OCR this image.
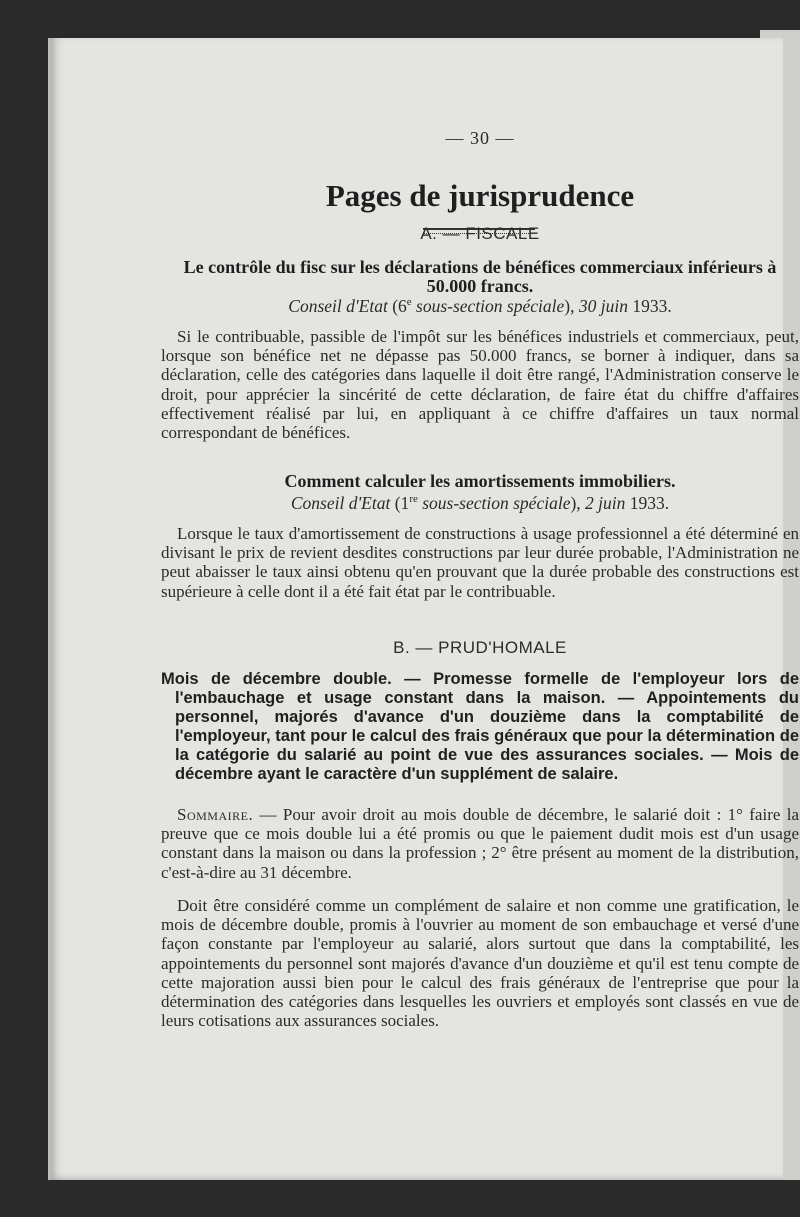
— 30 —
Pages de jurisprudence
A. — FISCALE
Le contrôle du fisc sur les déclarations de bénéfices commerciaux inférieurs à 50.000 francs.
Conseil d'Etat (6e sous-section spéciale), 30 juin 1933.
Si le contribuable, passible de l'impôt sur les bénéfices industriels et commerciaux, peut, lorsque son bénéfice net ne dépasse pas 50.000 francs, se borner à indiquer, dans sa déclaration, celle des catégories dans laquelle il doit être rangé, l'Administration conserve le droit, pour apprécier la sincérité de cette déclaration, de faire état du chiffre d'affaires effectivement réalisé par lui, en appliquant à ce chiffre d'affaires un taux normal correspondant de bénéfices.
Comment calculer les amortissements immobiliers.
Conseil d'Etat (1re sous-section spéciale), 2 juin 1933.
Lorsque le taux d'amortissement de constructions à usage professionnel a été déterminé en divisant le prix de revient desdites constructions par leur durée probable, l'Administration ne peut abaisser le taux ainsi obtenu qu'en prouvant que la durée probable des constructions est supérieure à celle dont il a été fait état par le contribuable.
B. — PRUD'HOMALE
Mois de décembre double. — Promesse formelle de l'employeur lors de l'embauchage et usage constant dans la maison. — Appointements du personnel, majorés d'avance d'un douzième dans la comptabilité de l'employeur, tant pour le calcul des frais généraux que pour la détermination de la catégorie du salarié au point de vue des assurances sociales. — Mois de décembre ayant le caractère d'un supplément de salaire.
Sommaire. — Pour avoir droit au mois double de décembre, le salarié doit : 1° faire la preuve que ce mois double lui a été promis ou que le paiement dudit mois est d'un usage constant dans la maison ou dans la profession ; 2° être présent au moment de la distribution, c'est-à-dire au 31 décembre.
Doit être considéré comme un complément de salaire et non comme une gratification, le mois de décembre double, promis à l'ouvrier au moment de son embauchage et versé d'une façon constante par l'employeur au salarié, alors surtout que dans la comptabilité, les appointements du personnel sont majorés d'avance d'un douzième et qu'il est tenu compte de cette majoration aussi bien pour le calcul des frais généraux de l'entreprise que pour la détermination des catégories dans lesquelles les ouvriers et employés sont classés en vue de leurs cotisations aux assurances sociales.
